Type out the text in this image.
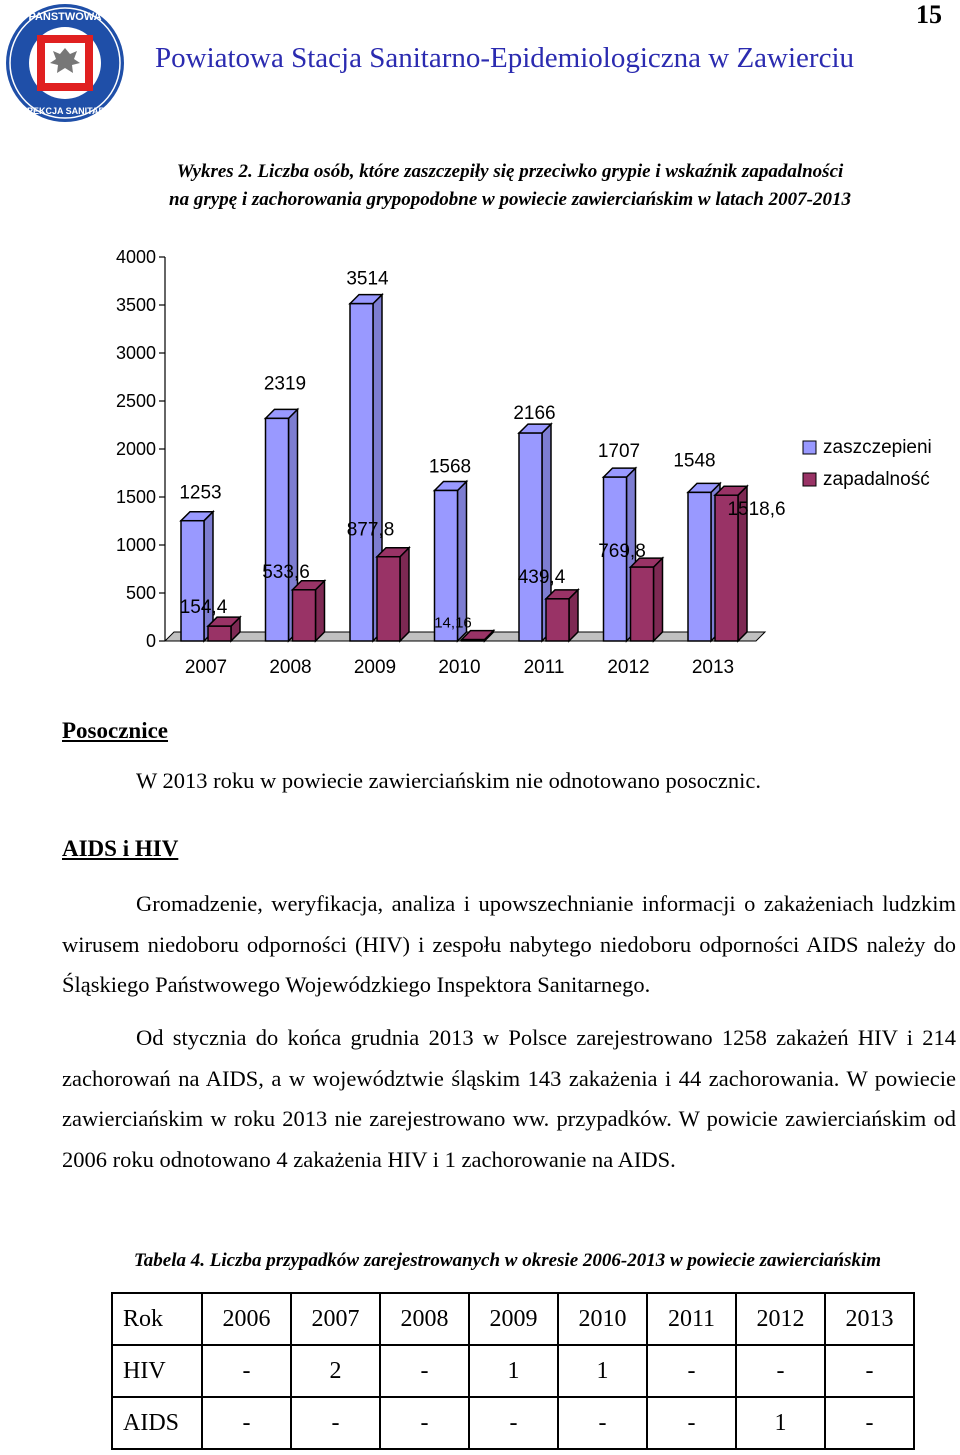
PAŃSTWOWA
INSPEKCJA SANITARNA
15
Powiatowa Stacja Sanitarno-Epidemiologiczna w Zawierciu
Wykres 2. Liczba osób, które zaszczepiły się przeciwko grypie i wskaźnik zapadalności
na grypę i zachorowania grypopodobne w powiecie zawierciańskim w latach 2007-2013
0
500
1000
1500
2000
2500
3000
3500
4000
2007 2008 2009 2010 2011 2012 2013
1253
154,4
2319
533,6
3514
877,8
1568
14,16
2166
439,4
1707
769,8
1548
1518,6
zaszczepieni
zapadalność
Posocznice
W 2013 roku w powiecie zawierciańskim nie odnotowano posocznic.
AIDS i HIV
Gromadzenie, weryfikacja, analiza i upowszechnianie informacji o zakażeniach ludzkim wirusem niedoboru odporności (HIV) i zespołu nabytego niedoboru odporności AIDS należy do Śląskiego Państwowego Wojewódzkiego Inspektora Sanitarnego.
Od stycznia do końca grudnia 2013 w Polsce zarejestrowano 1258 zakażeń HIV i 214 zachorowań na AIDS, a w województwie śląskim 143 zakażenia i 44 zachorowania. W powiecie zawierciańskim w roku 2013 nie zarejestrowano ww. przypadków. W powicie zawierciańskim od 2006 roku odnotowano 4 zakażenia HIV i 1 zachorowanie na AIDS.
Tabela 4. Liczba przypadków zarejestrowanych w okresie 2006-2013 w powiecie zawierciańskim
Rok	2006	2007	2008	2009	2010	2011	2012	2013
HIV	-	2	-	1	1	-	-	-
AIDS	-	-	-	-	-	-	1	-
